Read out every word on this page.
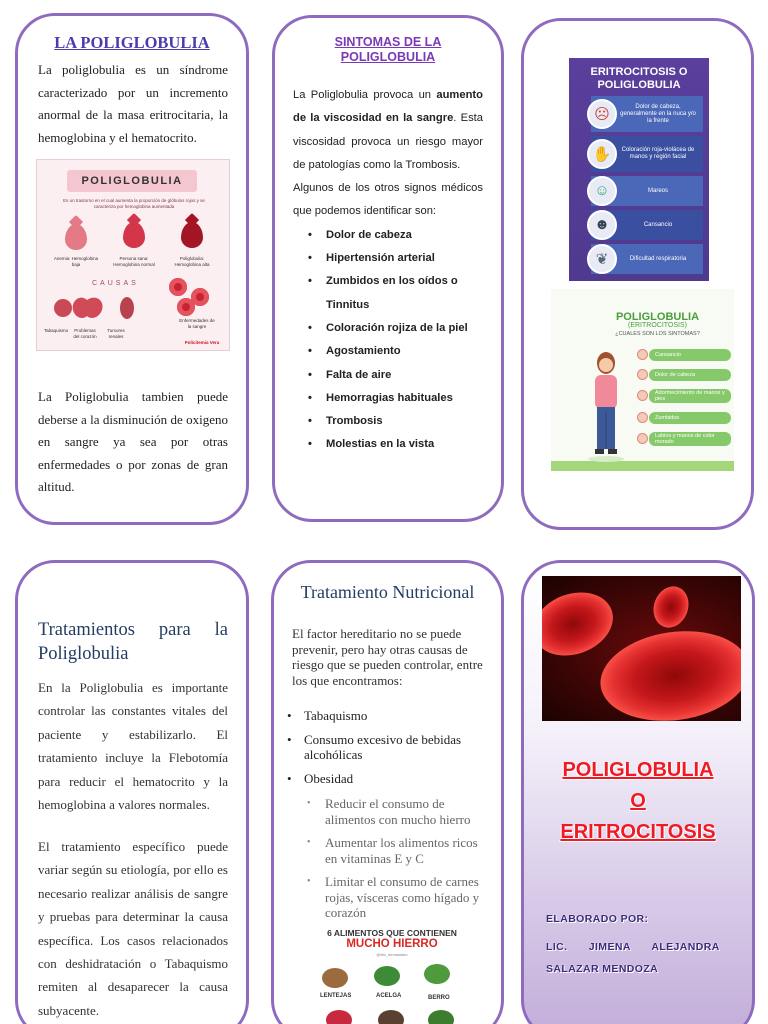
LA POLIGLOBULIA

La poliglobulia es un síndrome caracterizado por un incremento anormal de la masa eritrocitaria, la hemoglobina y el hematocrito.

POLIGLOBULIA
Es un trastorno en el cual aumenta la proporción de glóbulos rojos y se caracteriza por hemoglobina aumentada
Anemia: Hemoglobina baja
Persona sana: Hemoglobina normal
Poliglobulia: Hemoglobina alta
CAUSAS
Tabaquismo	Problemas del corazón
Tumores renales
Enfermedades de la sangre
Policitemia Vera

La Poliglobulia tambien puede deberse a la disminución de oxigeno en sangre ya sea por otras enfermedades o por zonas de gran altitud.

SINTOMAS DE LA POLIGLOBULIA

La Poliglobulia provoca un aumento de la viscosidad en la sangre. Esta viscosidad provoca un riesgo mayor de patologías como la Trombosis.

Algunos de los otros signos médicos que podemos identificar son:

• Dolor de cabeza
• Hipertensión arterial
• Zumbidos en los oídos o Tinnitus
• Coloración rojiza de la piel
• Agostamiento
• Falta de aire
• Hemorragias habituales
• Trombosis
• Molestias en la vista
ERITROCITOSIS O POLIGLOBULIA
Dolor de cabeza, generalmente en la nuca y/o la frente
☹
Coloración roja-violácea de manos y región facial
✋
Mareos
☺
Cansancio
☻
Dificultad respiratoria
❦
POLIGLOBULIA
(ERITROCITOSIS)
¿CUALES SON LOS SINTOMAS?
Cansancio
Dolor de cabeza
Adormecimiento de manos y pies
Zumbidos
Labios y manos de color morado
Tratamientos para la Poliglobulia

En la Poliglobulia es importante controlar las constantes vitales del paciente y estabilizarlo. El tratamiento incluye la Flebotomía para reducir el hematocrito y la hemoglobina a valores normales.

El tratamiento específico puede variar según su etiología, por ello es necesario realizar análisis de sangre y pruebas para determinar la causa específica. Los casos relacionados con deshidratación o Tabaquismo remiten al desaparecer la causa subyacente.

Tratamiento Nutricional

El factor hereditario no se puede prevenir, pero hay otras causas de riesgo que se pueden controlar, entre los que encontramos:

• Tabaquismo
• Consumo excesivo de bebidas alcohólicas
• Obesidad
• Reducir el consumo de alimentos con mucho hierro
• Aumentar los alimentos ricos en vitaminas E y C
• Limitar el consumo de carnes rojas, vísceras como hígado y corazón
6 ALIMENTOS QUE CONTIENEN
MUCHO HIERRO
@tito_demasiado
LENTEJAS	ACELGA	BERRO
POLIGLOBULIA
O
ERITROCITOSIS
ELABORADO POR:
LIC. JIMENA ALEJANDRA
SALAZAR MENDOZA
